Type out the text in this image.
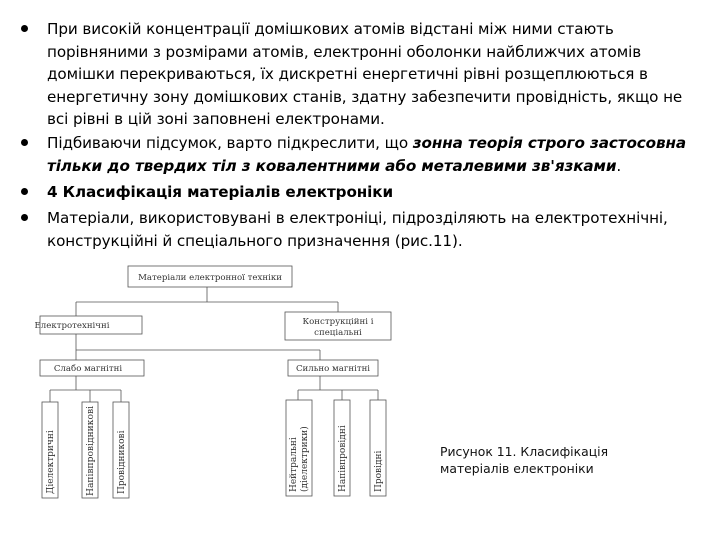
При високій концентрації домішкових атомів відстані між ними стають порівняними з розмірами атомів, електронні оболонки найближчих атомів домішки перекриваються, їх дискретні енергетичні рівні розщеплюються в енергетичну зону домішкових станів, здатну забезпечити провідність, якщо не всі рівні в цій зоні заповнені електронами.
Підбиваючи підсумок, варто підкреслити, що зонна теорія строго застосовна тільки до твердих тіл з ковалентними або металевими зв'язками.
4 Класифікація матеріалів електроніки
Матеріали, використовувані в електроніці, підрозділяють на електротехнічні, конструкційні й спеціального призначення (рис.11).
Матеріали електронної техніки
Електротехнічні	Конструкційні і
спеціальні
Слабо магнітні	Сильно магнітні
Діелектричні	Напівпровідникові Провідникові	Нейтральні (діелектрики)	Напівпровідні	Провідні	Рисунок 11. Класифікація
матеріалів електроніки
